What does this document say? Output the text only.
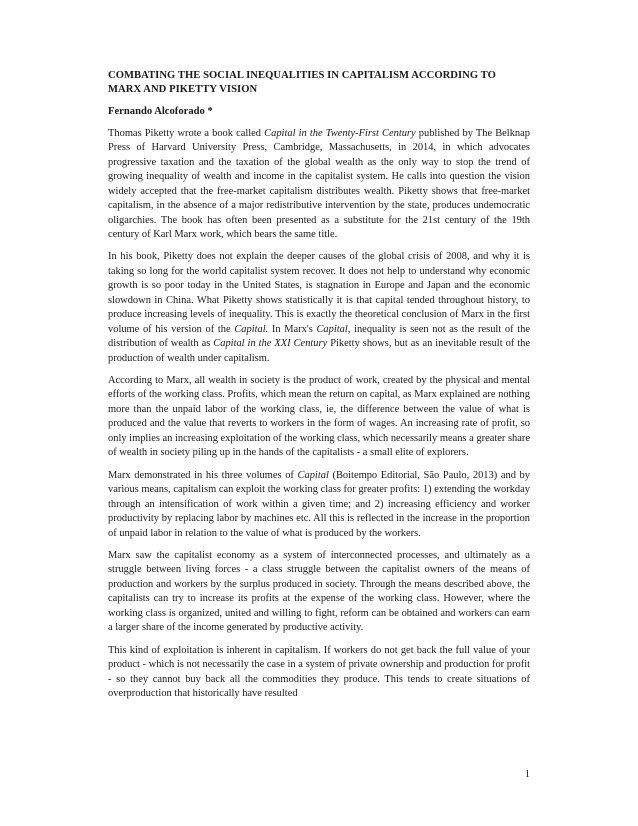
COMBATING THE SOCIAL INEQUALITIES IN CAPITALISM ACCORDING TO MARX AND PIKETTY VISION

Fernando Alcoforado *

Thomas Piketty wrote a book called Capital in the Twenty-First Century published by The Belknap Press of Harvard University Press, Cambridge, Massachusetts, in 2014, in which advocates progressive taxation and the taxation of the global wealth as the only way to stop the trend of growing inequality of wealth and income in the capitalist system. He calls into question the vision widely accepted that the free-market capitalism distributes wealth. Piketty shows that free-market capitalism, in the absence of a major redistributive intervention by the state, produces undemocratic oligarchies. The book has often been presented as a substitute for the 21st century of the 19th century of Karl Marx work, which bears the same title.

In his book, Piketty does not explain the deeper causes of the global crisis of 2008, and why it is taking so long for the world capitalist system recover. It does not help to understand why economic growth is so poor today in the United States, is stagnation in Europe and Japan and the economic slowdown in China. What Piketty shows statistically it is that capital tended throughout history, to produce increasing levels of inequality. This is exactly the theoretical conclusion of Marx in the first volume of his version of the Capital. In Marx's Capital, inequality is seen not as the result of the distribution of wealth as Capital in the XXI Century Piketty shows, but as an inevitable result of the production of wealth under capitalism.

According to Marx, all wealth in society is the product of work, created by the physical and mental efforts of the working class. Profits, which mean the return on capital, as Marx explained are nothing more than the unpaid labor of the working class, ie, the difference between the value of what is produced and the value that reverts to workers in the form of wages. An increasing rate of profit, so only implies an increasing exploitation of the working class, which necessarily means a greater share of wealth in society piling up in the hands of the capitalists - a small elite of explorers.

Marx demonstrated in his three volumes of Capital (Boitempo Editorial, São Paulo, 2013) and by various means, capitalism can exploit the working class for greater profits: 1) extending the workday through an intensification of work within a given time; and 2) increasing efficiency and worker productivity by replacing labor by machines etc. All this is reflected in the increase in the proportion of unpaid labor in relation to the value of what is produced by the workers.

Marx saw the capitalist economy as a system of interconnected processes, and ultimately as a struggle between living forces - a class struggle between the capitalist owners of the means of production and workers by the surplus produced in society. Through the means described above, the capitalists can try to increase its profits at the expense of the working class. However, where the working class is organized, united and willing to fight, reform can be obtained and workers can earn a larger share of the income generated by productive activity.

This kind of exploitation is inherent in capitalism. If workers do not get back the full value of your product - which is not necessarily the case in a system of private ownership and production for profit - so they cannot buy back all the commodities they produce. This tends to create situations of overproduction that historically have resulted

1
